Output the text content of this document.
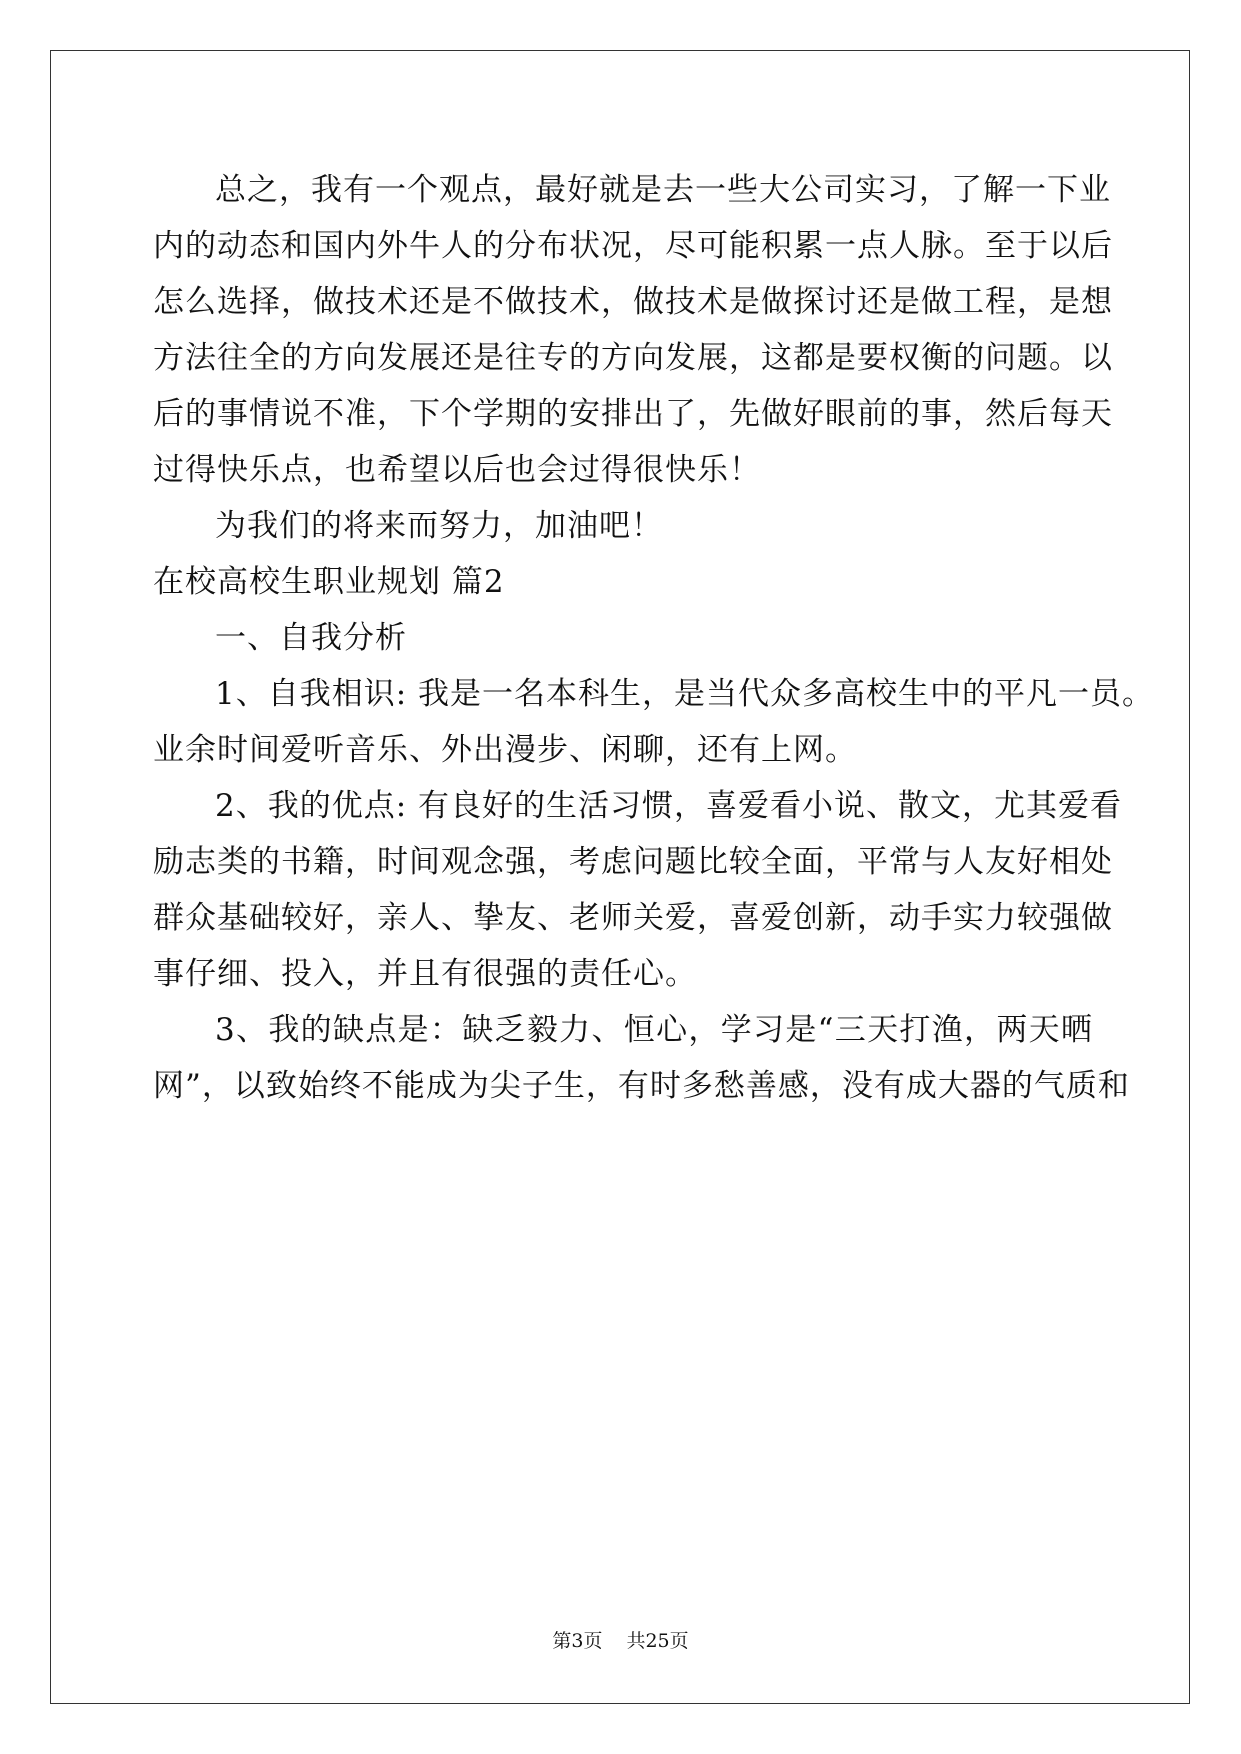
总之，我有一个观点，最好就是去一些大公司实习，了解一下业
内的动态和国内外牛人的分布状况，尽可能积累一点人脉。至于以后
怎么选择，做技术还是不做技术，做技术是做探讨还是做工程，是想
方法往全的方向发展还是往专的方向发展，这都是要权衡的问题。以
后的事情说不准，下个学期的安排出了，先做好眼前的事，然后每天
过得快乐点，也希望以后也会过得很快乐！
为我们的将来而努力，加油吧！
在校高校生职业规划 篇2
一、自我分析
1、自我相识: 我是一名本科生，是当代众多高校生中的平凡一员。
业余时间爱听音乐、外出漫步、闲聊，还有上网。
2、我的优点: 有良好的生活习惯，喜爱看小说、散文，尤其爱看
励志类的书籍，时间观念强，考虑问题比较全面，平常与人友好相处
群众基础较好，亲人、挚友、老师关爱，喜爱创新，动手实力较强做
事仔细、投入，并且有很强的责任心。
3、我的缺点是：缺乏毅力、恒心，学习是“三天打渔，两天晒
网”，以致始终不能成为尖子生，有时多愁善感，没有成大器的气质和
第3页 共25页
